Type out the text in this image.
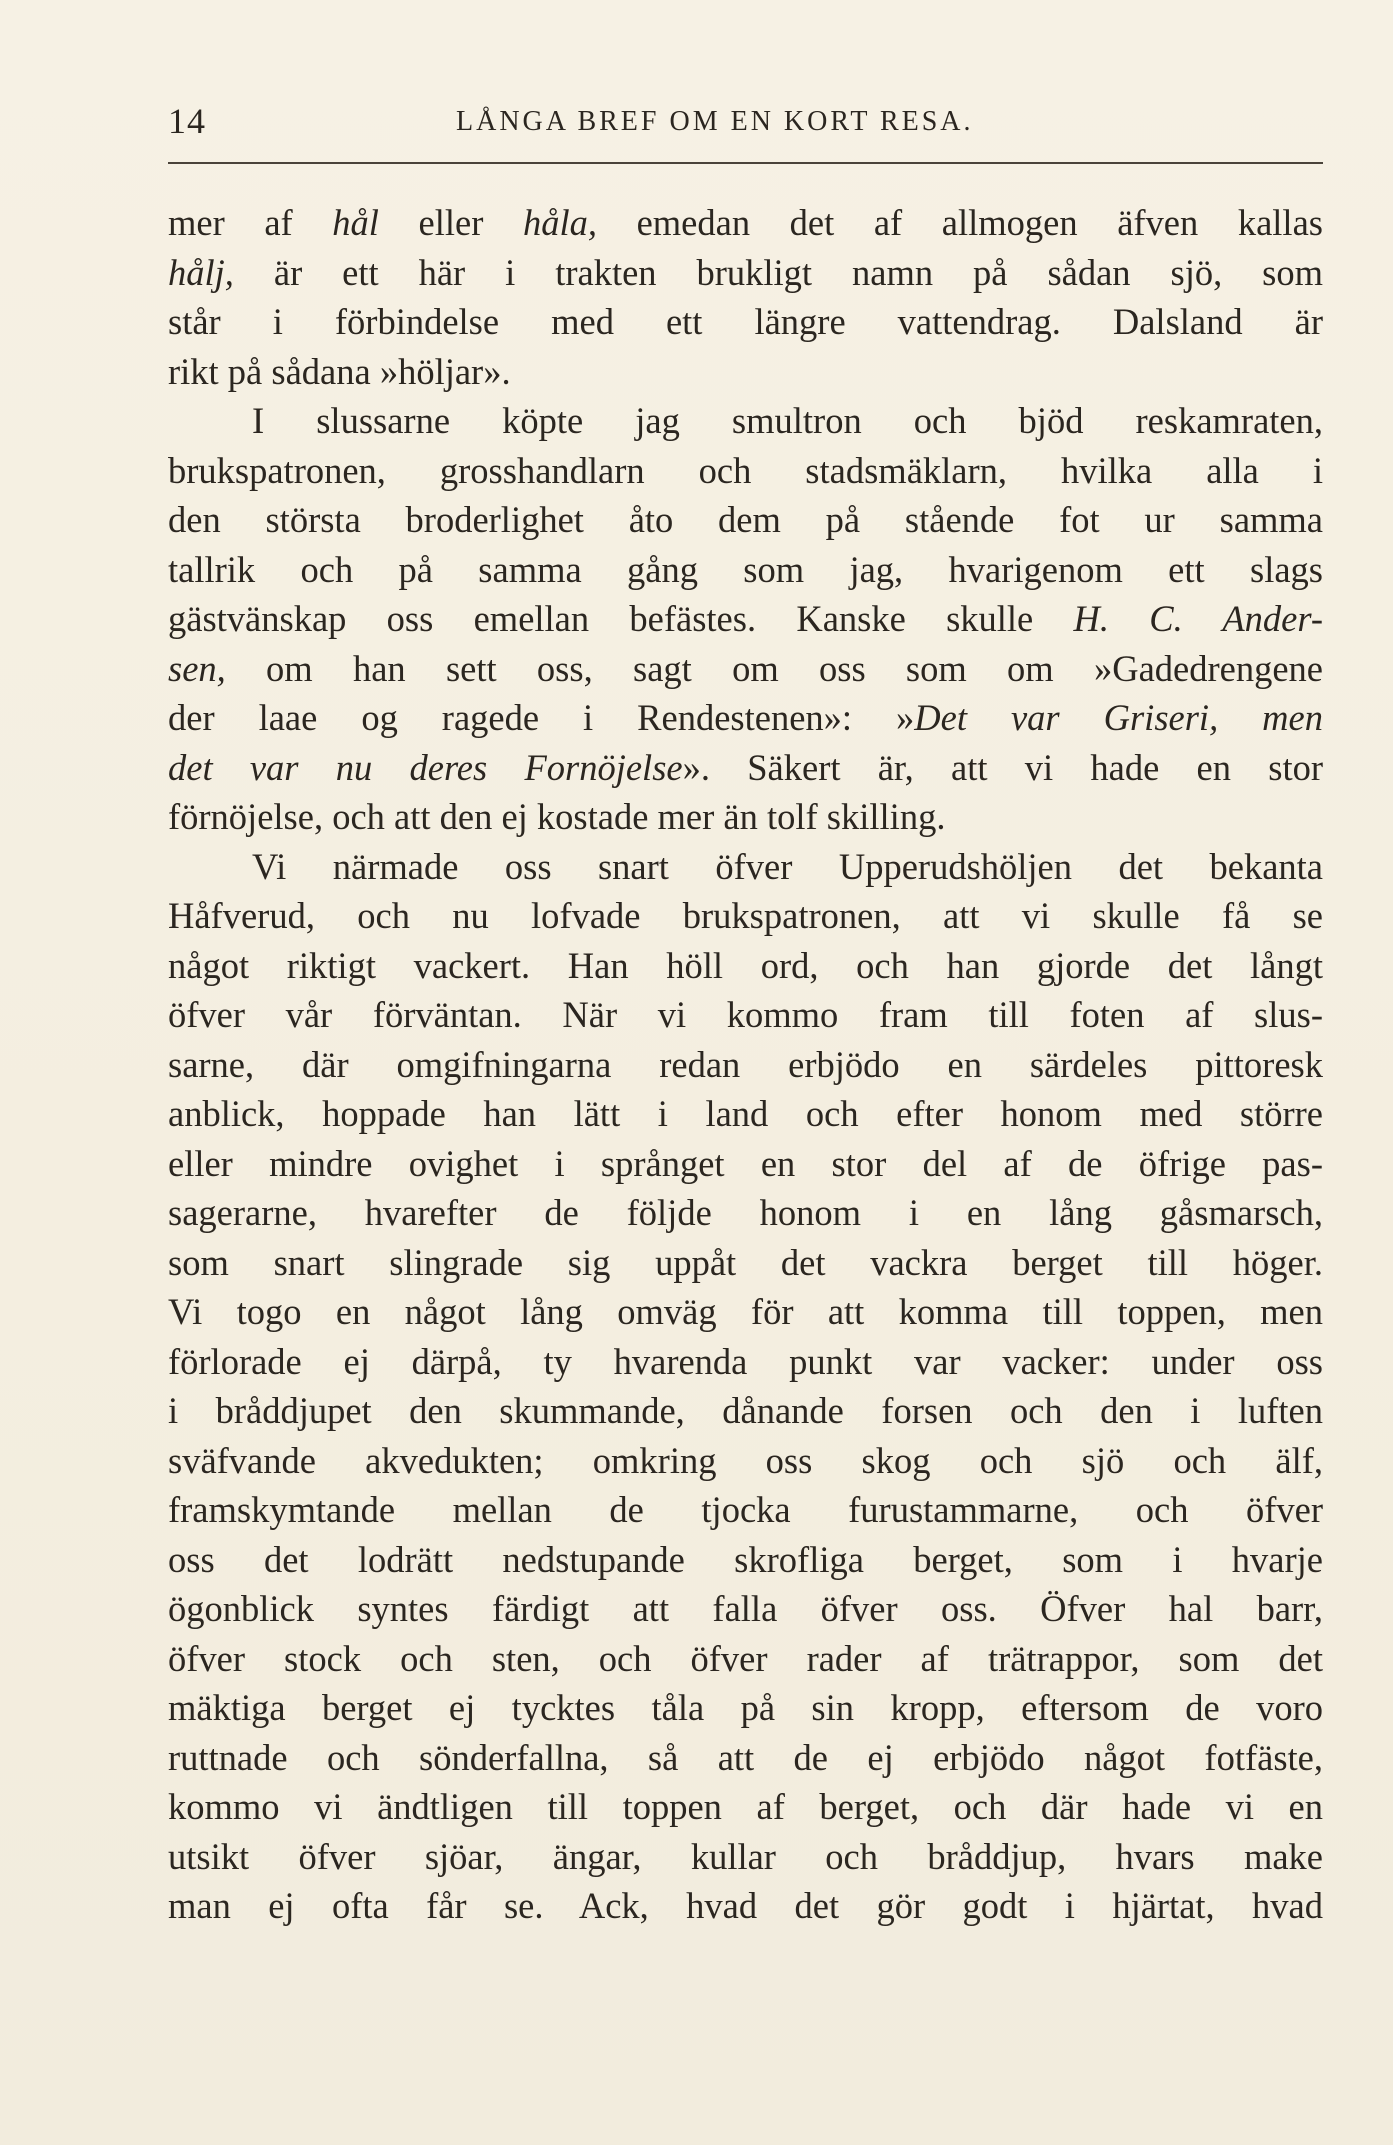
14	LÅNGA BREF OM EN KORT RESA.
mer af hål eller håla, emedan det af allmogen äfven kallas
hålj, är ett här i trakten brukligt namn på sådan sjö, som
står i förbindelse med ett längre vattendrag. Dalsland är
rikt på sådana »höljar».
I slussarne köpte jag smultron och bjöd reskamraten,
brukspatronen, grosshandlarn och stadsmäklarn, hvilka alla i
den största broderlighet åto dem på stående fot ur samma
tallrik och på samma gång som jag, hvarigenom ett slags
gästvänskap oss emellan befästes. Kanske skulle H. C. Ander-
sen, om han sett oss, sagt om oss som om »Gadedrengene
der laae og ragede i Rendestenen»: »Det var Griseri, men
det var nu deres Fornöjelse». Säkert är, att vi hade en stor
förnöjelse, och att den ej kostade mer än tolf skilling.
Vi närmade oss snart öfver Upperudshöljen det bekanta
Håfverud, och nu lofvade brukspatronen, att vi skulle få se
något riktigt vackert. Han höll ord, och han gjorde det långt
öfver vår förväntan. När vi kommo fram till foten af slus-
sarne, där omgifningarna redan erbjödo en särdeles pittoresk
anblick, hoppade han lätt i land och efter honom med större
eller mindre ovighet i språnget en stor del af de öfrige pas-
sagerarne, hvarefter de följde honom i en lång gåsmarsch,
som snart slingrade sig uppåt det vackra berget till höger.
Vi togo en något lång omväg för att komma till toppen, men
förlorade ej därpå, ty hvarenda punkt var vacker: under oss
i bråddjupet den skummande, dånande forsen och den i luften
sväfvande akvedukten; omkring oss skog och sjö och älf,
framskymtande mellan de tjocka furustammarne, och öfver
oss det lodrätt nedstupande skrofliga berget, som i hvarje
ögonblick syntes färdigt att falla öfver oss. Öfver hal barr,
öfver stock och sten, och öfver rader af trätrappor, som det
mäktiga berget ej tycktes tåla på sin kropp, eftersom de voro
ruttnade och sönderfallna, så att de ej erbjödo något fotfäste,
kommo vi ändtligen till toppen af berget, och där hade vi en
utsikt öfver sjöar, ängar, kullar och bråddjup, hvars make
man ej ofta får se. Ack, hvad det gör godt i hjärtat, hvad
